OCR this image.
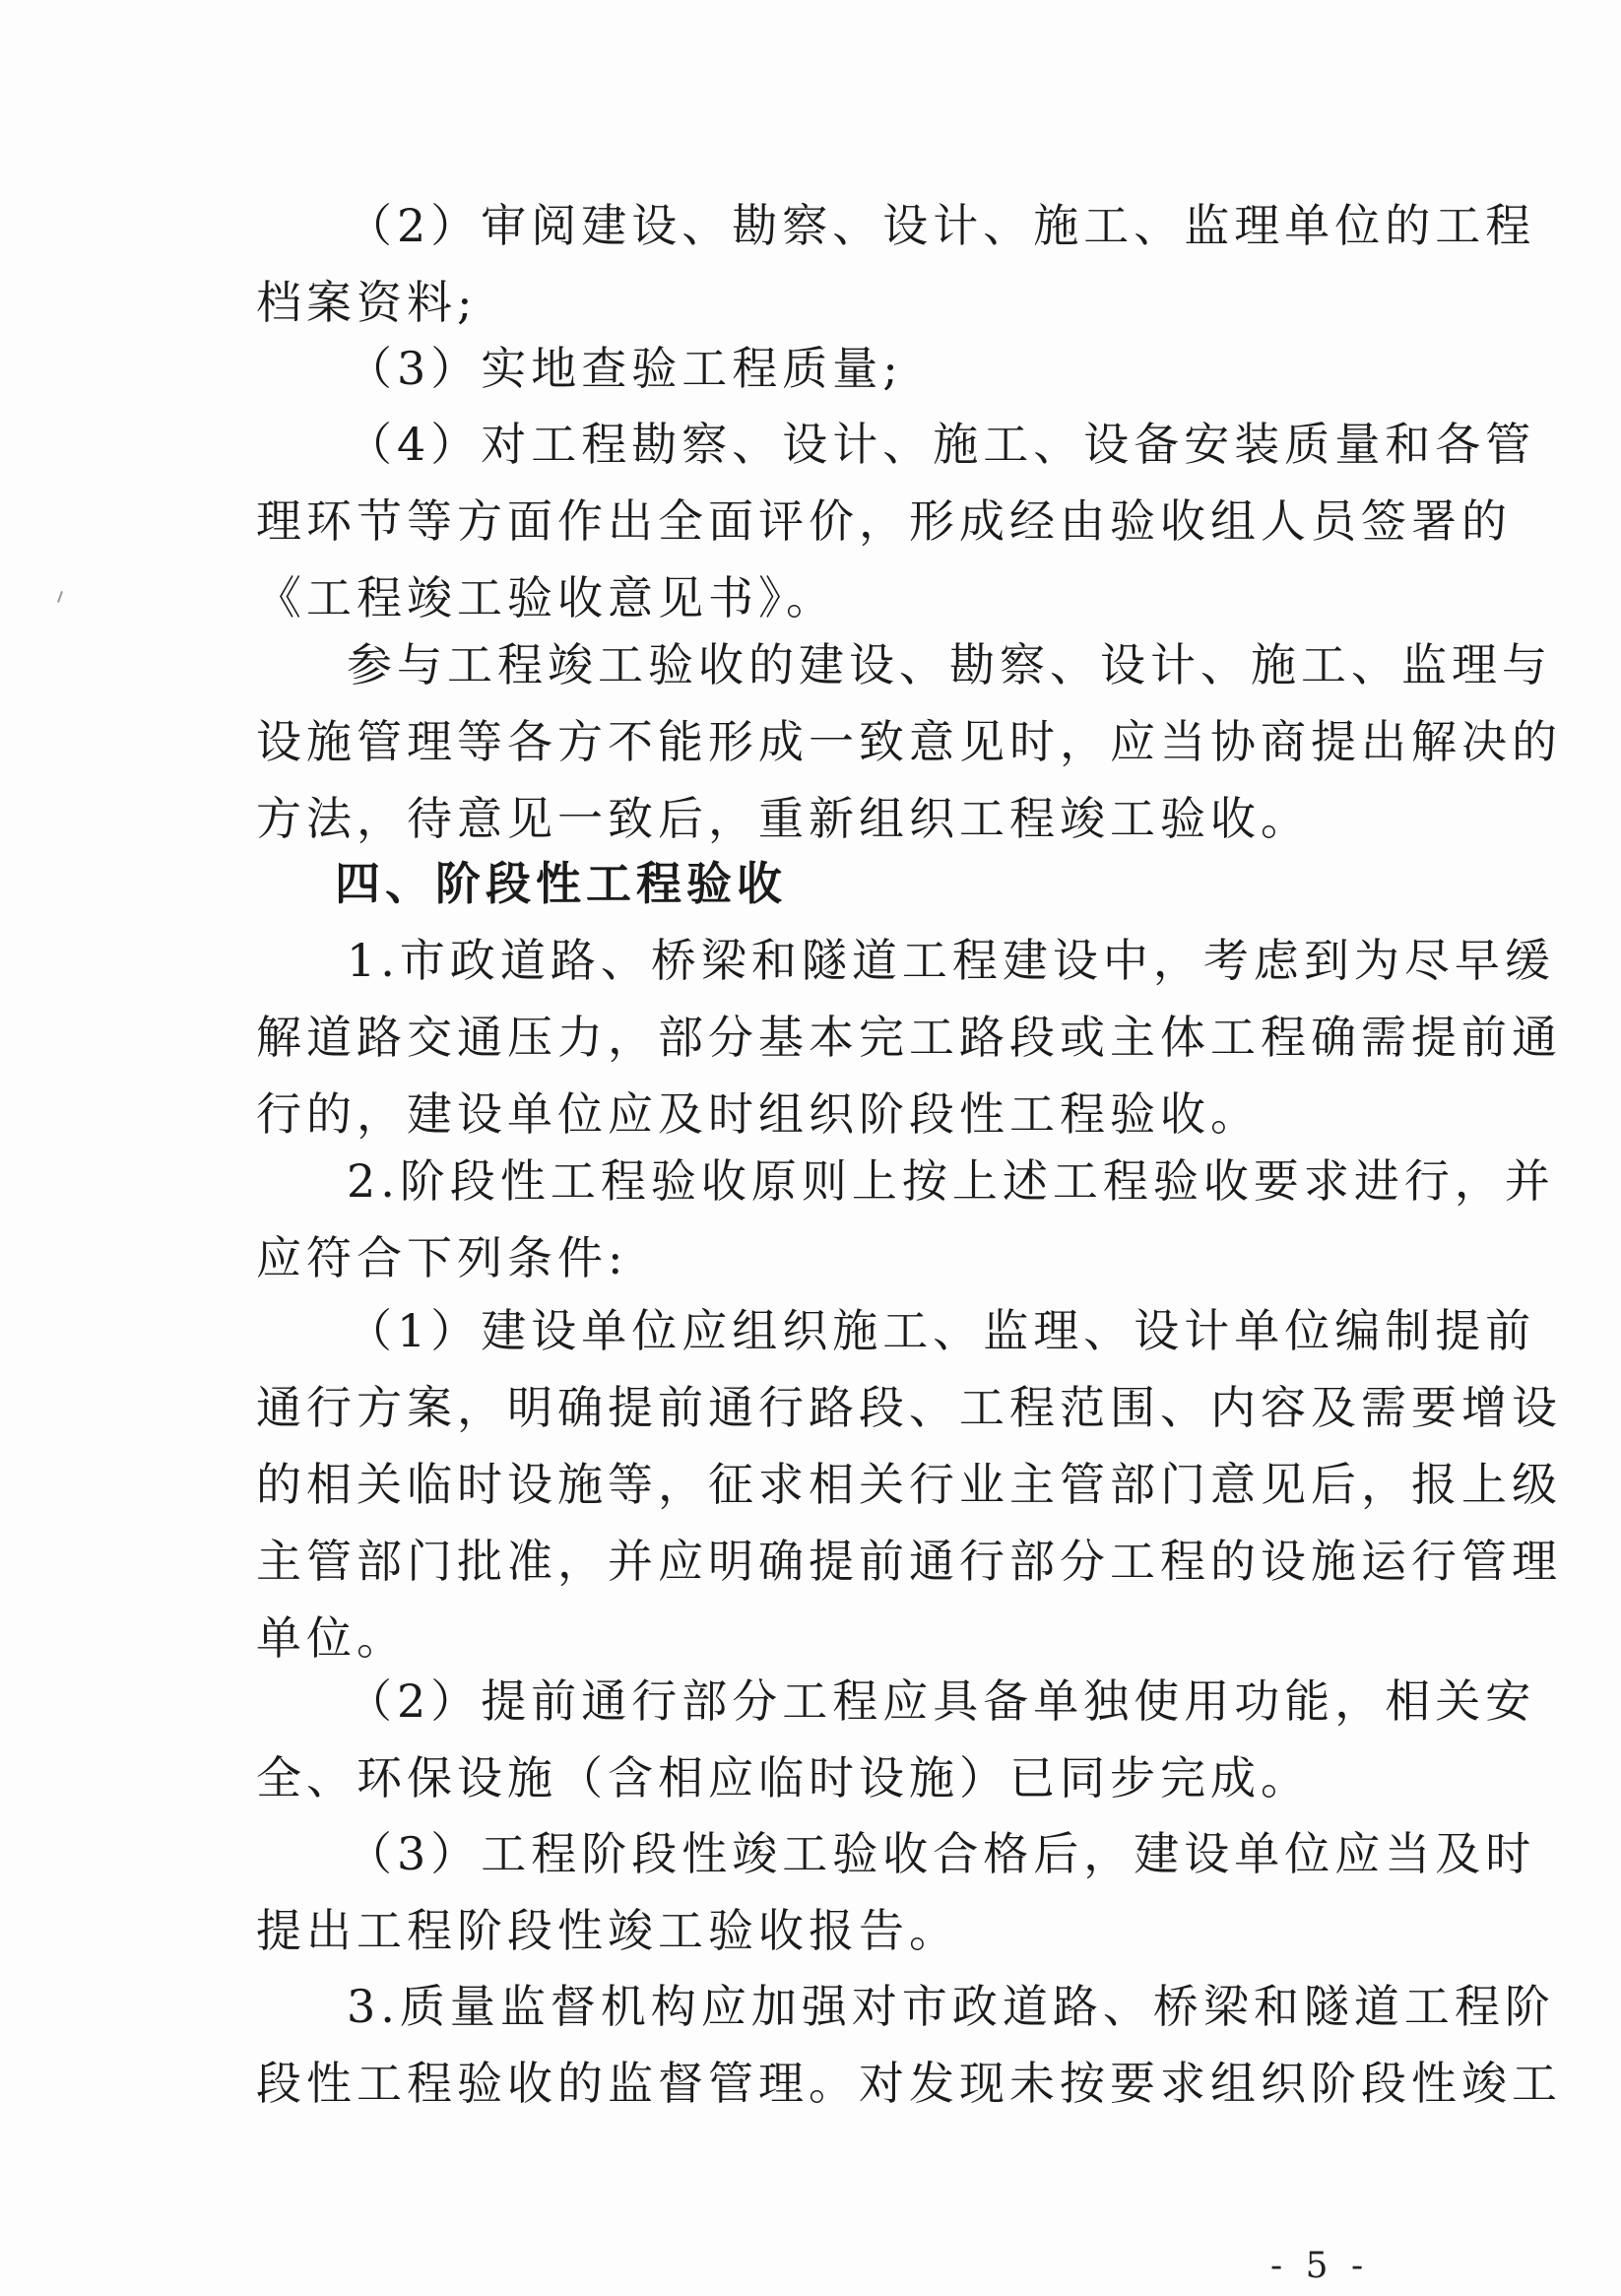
（2）审阅建设、勘察、设计、施工、监理单位的工程
档案资料;

（3）实地查验工程质量;

（4）对工程勘察、设计、施工、设备安装质量和各管
理环节等方面作出全面评价，形成经由验收组人员签署的
《工程竣工验收意见书》。

参与工程竣工验收的建设、勘察、设计、施工、监理与
设施管理等各方不能形成一致意见时，应当协商提出解决的
方法，待意见一致后，重新组织工程竣工验收。

四、阶段性工程验收

1.市政道路、桥梁和隧道工程建设中，考虑到为尽早缓
解道路交通压力，部分基本完工路段或主体工程确需提前通
行的，建设单位应及时组织阶段性工程验收。

2.阶段性工程验收原则上按上述工程验收要求进行，并
应符合下列条件:

（1）建设单位应组织施工、监理、设计单位编制提前
通行方案，明确提前通行路段、工程范围、内容及需要增设
的相关临时设施等，征求相关行业主管部门意见后，报上级
主管部门批准，并应明确提前通行部分工程的设施运行管理
单位。

（2）提前通行部分工程应具备单独使用功能，相关安
全、环保设施（含相应临时设施）已同步完成。

（3）工程阶段性竣工验收合格后，建设单位应当及时
提出工程阶段性竣工验收报告。

3.质量监督机构应加强对市政道路、桥梁和隧道工程阶
段性工程验收的监督管理。对发现未按要求组织阶段性竣工

- 5 -
